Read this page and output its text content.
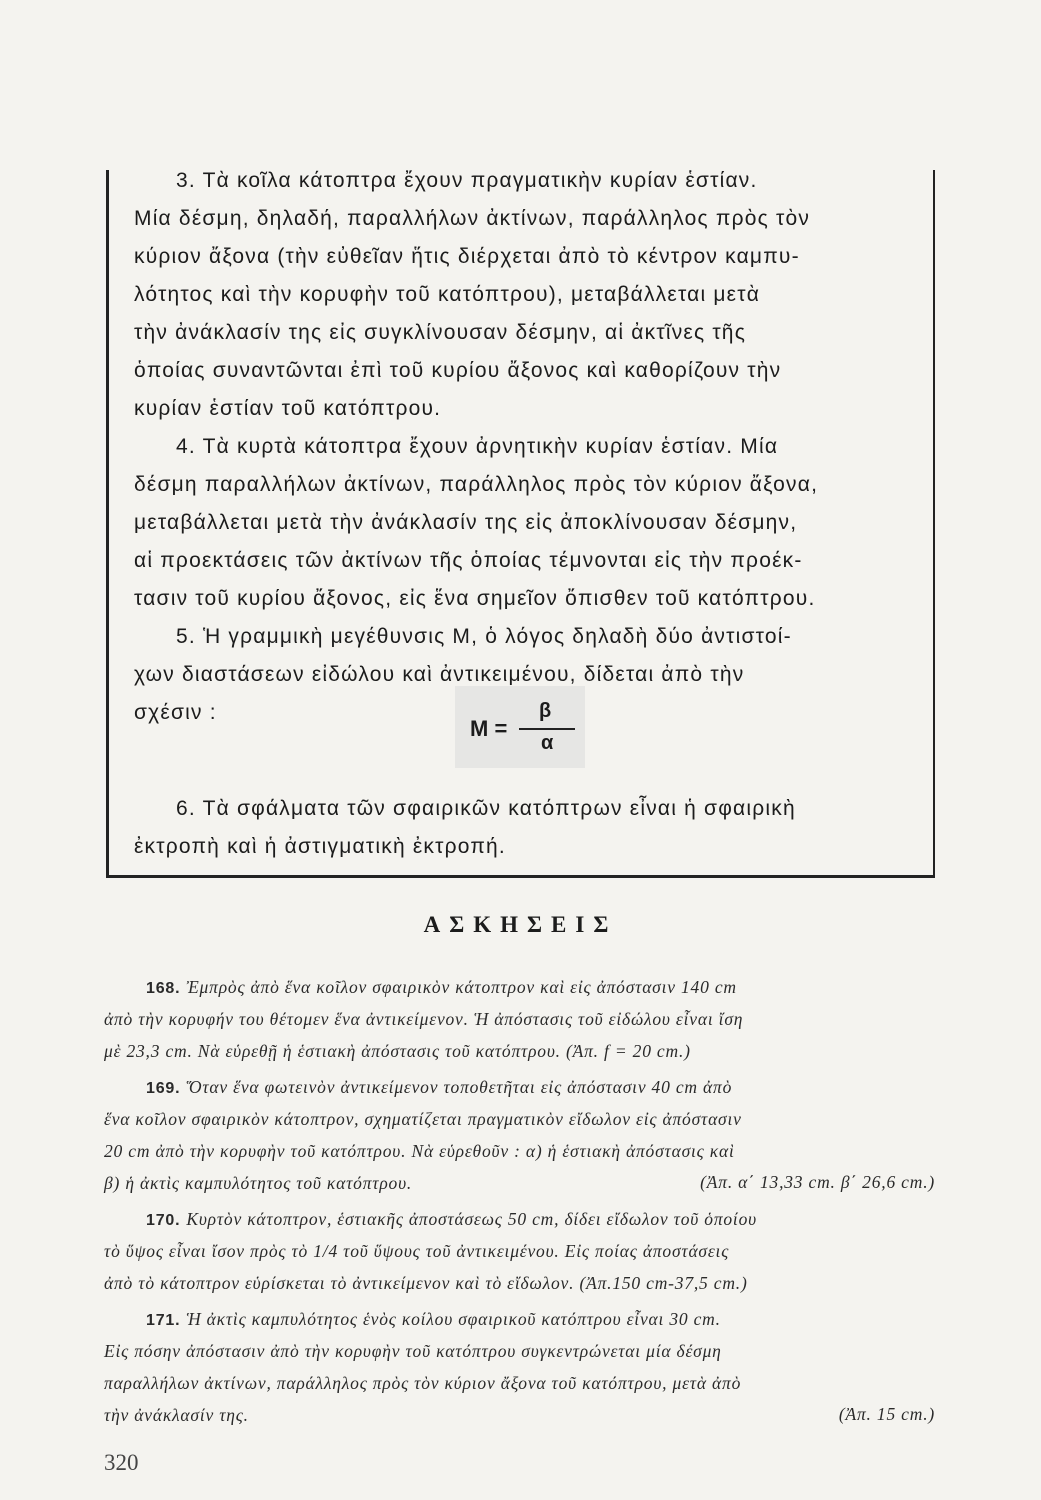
3. Τὰ κοῖλα κάτοπτρα ἔχουν πραγματικὴν κυρίαν ἑστίαν.
Μία δέσμη, δηλαδή, παραλλήλων ἀκτίνων, παράλληλος πρὸς τὸν
κύριον ἄξονα (τὴν εὐθεῖαν ἥτις διέρχεται ἀπὸ τὸ κέντρον καμπυ-
λότητος καὶ τὴν κορυφὴν τοῦ κατόπτρου), μεταβάλλεται μετὰ
τὴν ἀνάκλασίν της εἰς συγκλίνουσαν δέσμην, αἱ ἀκτῖνες τῆς
ὁποίας συναντῶνται ἐπὶ τοῦ κυρίου ἄξονος καὶ καθορίζουν τὴν
κυρίαν ἑστίαν τοῦ κατόπτρου.
4. Τὰ κυρτὰ κάτοπτρα ἔχουν ἀρνητικὴν κυρίαν ἑστίαν. Μία
δέσμη παραλλήλων ἀκτίνων, παράλληλος πρὸς τὸν κύριον ἄξονα,
μεταβάλλεται μετὰ τὴν ἀνάκλασίν της εἰς ἀποκλίνουσαν δέσμην,
αἱ προεκτάσεις τῶν ἀκτίνων τῆς ὁποίας τέμνονται εἰς τὴν προέκ-
τασιν τοῦ κυρίου ἄξονος, εἰς ἕνα σημεῖον ὄπισθεν τοῦ κατόπτρου.
5. Ἡ γραμμικὴ μεγέθυνσις Μ, ὁ λόγος δηλαδὴ δύο ἀντιστοί-
χων διαστάσεων εἰδώλου καὶ ἀντικειμένου, δίδεται ἀπὸ τὴν
σχέσιν :
Μ =
β
α
6. Τὰ σφάλματα τῶν σφαιρικῶν κατόπτρων εἶναι ἡ σφαιρικὴ
ἐκτροπὴ καὶ ἡ ἀστιγματικὴ ἐκτροπή.
ΑΣΚΗΣΕΙΣ
168. Ἐμπρὸς ἀπὸ ἕνα κοῖλον σφαιρικὸν κάτοπτρον καὶ εἰς ἀπόστασιν 140 cm
ἀπὸ τὴν κορυφήν του θέτομεν ἕνα ἀντικείμενον. Ἡ ἀπόστασις τοῦ εἰδώλου εἶναι ἴση
μὲ 23,3 cm. Νὰ εὑρεθῇ ἡ ἑστιακὴ ἀπόστασις τοῦ κατόπτρου. (Ἀπ. f = 20 cm.)
169. Ὅταν ἕνα φωτεινὸν ἀντικείμενον τοποθετῆται εἰς ἀπόστασιν 40 cm ἀπὸ
ἕνα κοῖλον σφαιρικὸν κάτοπτρον, σχηματίζεται πραγματικὸν εἴδωλον εἰς ἀπόστασιν
20 cm ἀπὸ τὴν κορυφὴν τοῦ κατόπτρου. Νὰ εὑρεθοῦν : α) ἡ ἑστιακὴ ἀπόστασις καὶ
β) ἡ ἀκτὶς καμπυλότητος τοῦ κατόπτρου.	(Ἀπ. α΄ 13,33 cm. β΄ 26,6 cm.)
170. Κυρτὸν κάτοπτρον, ἑστιακῆς ἀποστάσεως 50 cm, δίδει εἴδωλον τοῦ ὁποίου
τὸ ὕψος εἶναι ἴσον πρὸς τὸ 1/4 τοῦ ὕψους τοῦ ἀντικειμένου. Εἰς ποίας ἀποστάσεις
ἀπὸ τὸ κάτοπτρον εὑρίσκεται τὸ ἀντικείμενον καὶ τὸ εἴδωλον. (Ἀπ.150 cm-37,5 cm.)
171. Ἡ ἀκτὶς καμπυλότητος ἑνὸς κοίλου σφαιρικοῦ κατόπτρου εἶναι 30 cm.
Εἰς πόσην ἀπόστασιν ἀπὸ τὴν κορυφὴν τοῦ κατόπτρου συγκεντρώνεται μία δέσμη
παραλλήλων ἀκτίνων, παράλληλος πρὸς τὸν κύριον ἄξονα τοῦ κατόπτρου, μετὰ ἀπὸ
τὴν ἀνάκλασίν της.	(Ἀπ. 15 cm.)
320
